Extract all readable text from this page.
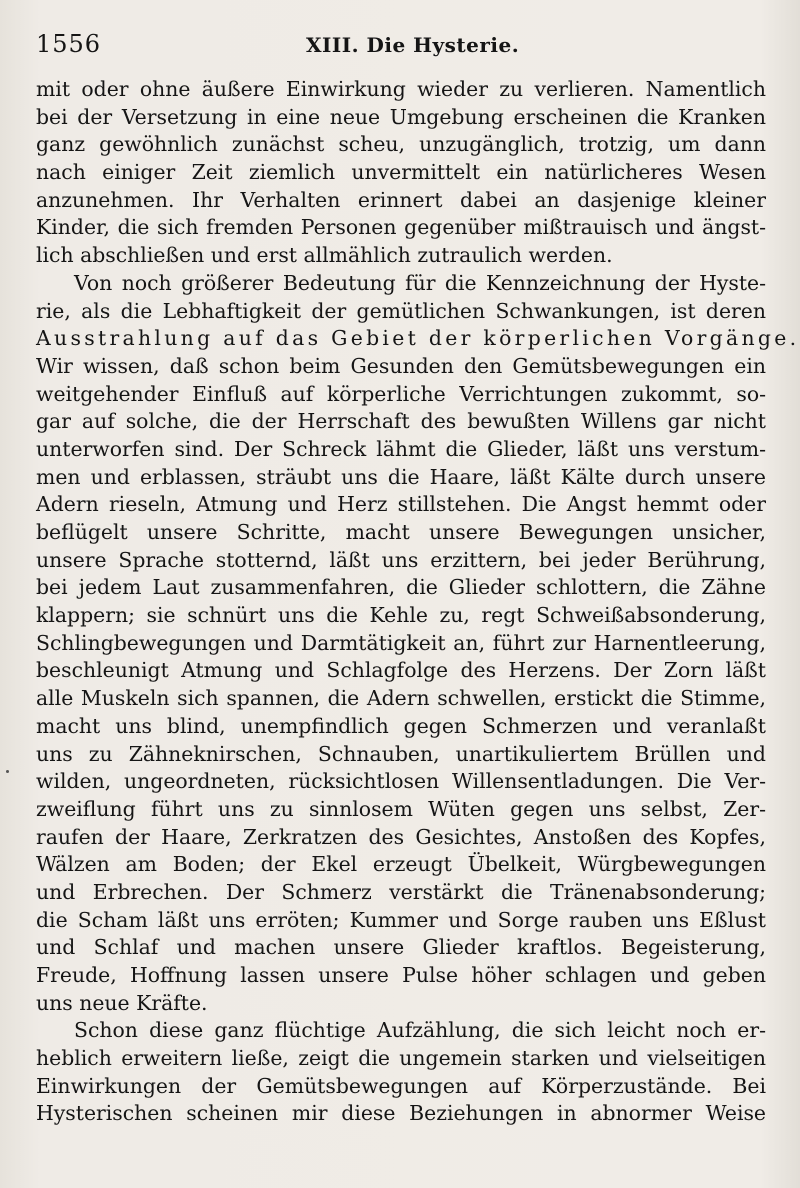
1556	XIII. Die Hysterie.
mit oder ohne äußere Einwirkung wieder zu verlieren. Namentlich
bei der Versetzung in eine neue Umgebung erscheinen die Kranken
ganz gewöhnlich zunächst scheu, unzugänglich, trotzig, um dann
nach einiger Zeit ziemlich unvermittelt ein natürlicheres Wesen
anzunehmen. Ihr Verhalten erinnert dabei an dasjenige kleiner
Kinder, die sich fremden Personen gegenüber mißtrauisch und ängst-
lich abschließen und erst allmählich zutraulich werden.
Von noch größerer Bedeutung für die Kennzeichnung der Hyste-
rie, als die Lebhaftigkeit der gemütlichen Schwankungen, ist deren
Ausstrahlung auf das Gebiet der körperlichen Vorgänge.
Wir wissen, daß schon beim Gesunden den Gemütsbewegungen ein
weitgehender Einfluß auf körperliche Verrichtungen zukommt, so-
gar auf solche, die der Herrschaft des bewußten Willens gar nicht
unterworfen sind. Der Schreck lähmt die Glieder, läßt uns verstum-
men und erblassen, sträubt uns die Haare, läßt Kälte durch unsere
Adern rieseln, Atmung und Herz stillstehen. Die Angst hemmt oder
beflügelt unsere Schritte, macht unsere Bewegungen unsicher,
unsere Sprache stotternd, läßt uns erzittern, bei jeder Berührung,
bei jedem Laut zusammenfahren, die Glieder schlottern, die Zähne
klappern; sie schnürt uns die Kehle zu, regt Schweißabsonderung,
Schlingbewegungen und Darmtätigkeit an, führt zur Harnentleerung,
beschleunigt Atmung und Schlagfolge des Herzens. Der Zorn läßt
alle Muskeln sich spannen, die Adern schwellen, erstickt die Stimme,
macht uns blind, unempfindlich gegen Schmerzen und veranlaßt
uns zu Zähneknirschen, Schnauben, unartikuliertem Brüllen und
wilden, ungeordneten, rücksichtlosen Willensentladungen. Die Ver-
zweiflung führt uns zu sinnlosem Wüten gegen uns selbst, Zer-
raufen der Haare, Zerkratzen des Gesichtes, Anstoßen des Kopfes,
Wälzen am Boden; der Ekel erzeugt Übelkeit, Würgbewegungen
und Erbrechen. Der Schmerz verstärkt die Tränenabsonderung;
die Scham läßt uns erröten; Kummer und Sorge rauben uns Eßlust
und Schlaf und machen unsere Glieder kraftlos. Begeisterung,
Freude, Hoffnung lassen unsere Pulse höher schlagen und geben
uns neue Kräfte.
Schon diese ganz flüchtige Aufzählung, die sich leicht noch er-
heblich erweitern ließe, zeigt die ungemein starken und vielseitigen
Einwirkungen der Gemütsbewegungen auf Körperzustände. Bei
Hysterischen scheinen mir diese Beziehungen in abnormer Weise
